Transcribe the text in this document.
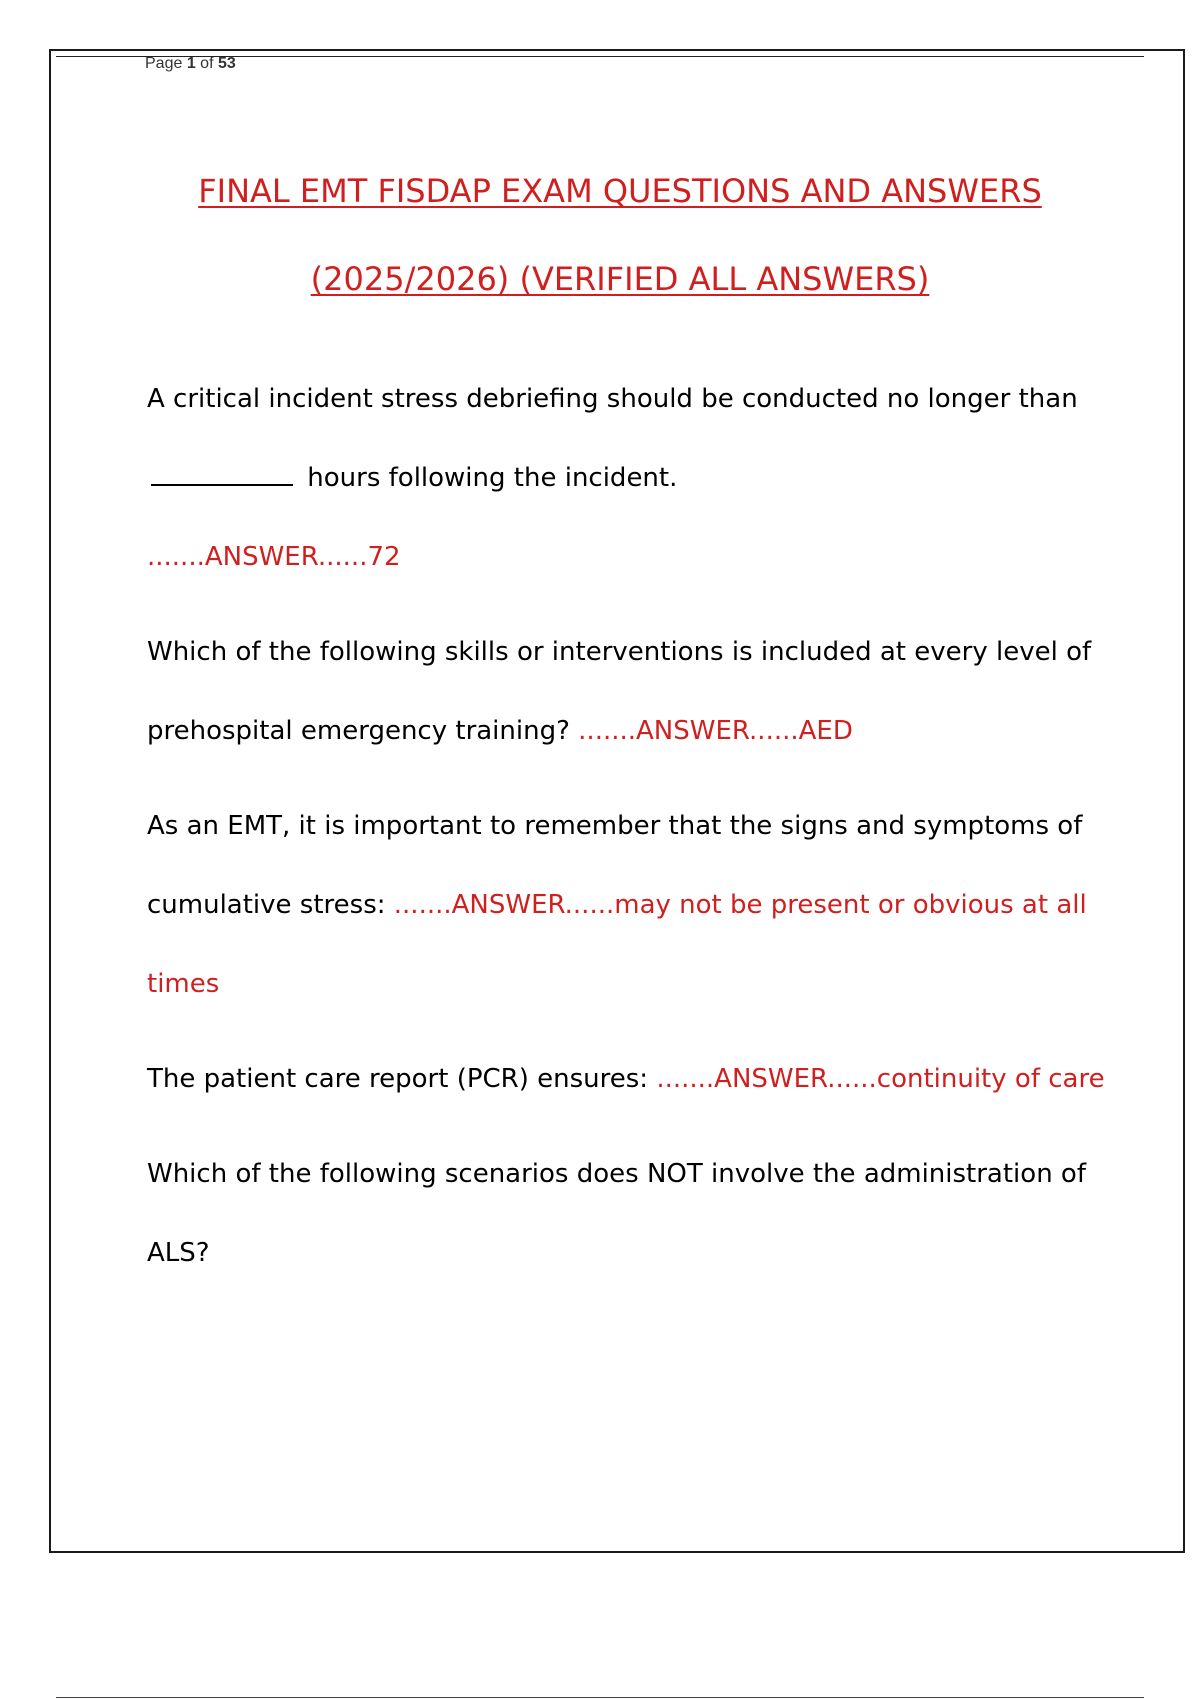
Page 1 of 53
FINAL EMT FISDAP EXAM QUESTIONS AND ANSWERS
(2025/2026) (VERIFIED ALL ANSWERS)

A critical incident stress debriefing should be conducted no longer than  hours following the incident.
.......ANSWER......72

Which of the following skills or interventions is included at every level of prehospital emergency training? .......ANSWER......AED

As an EMT, it is important to remember that the signs and symptoms of cumulative stress: .......ANSWER......may not be present or obvious at all times

The patient care report (PCR) ensures: .......ANSWER......continuity of care

Which of the following scenarios does NOT involve the administration of ALS?
